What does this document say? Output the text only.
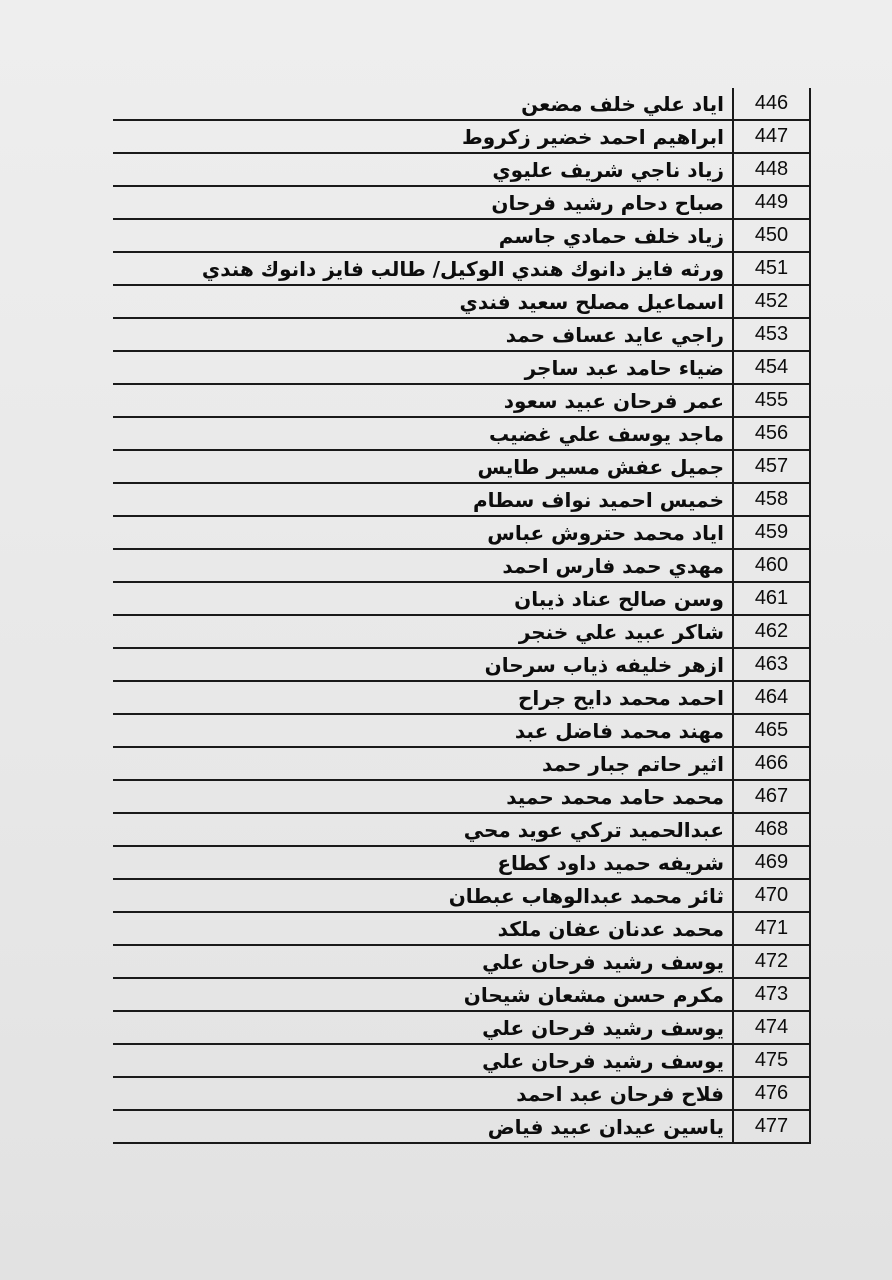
اياد علي خلف مضعن	446
ابراهيم احمد خضير زكروط	447
زياد ناجي شريف عليوي	448
صباح دحام رشيد فرحان	449
زياد خلف حمادي جاسم	450
ورثه فايز دانوك هندي الوكيل/ طالب فايز دانوك هندي	451
اسماعيل مصلح سعيد فندي	452
راجي عايد عساف حمد	453
ضياء حامد عبد ساجر	454
عمر فرحان عبيد سعود	455
ماجد يوسف علي غضيب	456
جميل عفش مسير طايس	457
خميس احميد نواف سطام	458
اياد محمد حتروش عباس	459
مهدي حمد فارس احمد	460
وسن صالح عناد ذيبان	461
شاكر عبيد علي خنجر	462
ازهر خليفه ذياب سرحان	463
احمد محمد دايح جراح	464
مهند محمد فاضل عبد	465
اثير حاتم جبار حمد	466
محمد حامد محمد حميد	467
عبدالحميد تركي عويد محي	468
شريفه حميد داود كطاع	469
ثائر محمد عبدالوهاب عبطان	470
محمد عدنان عفان ملكد	471
يوسف رشيد فرحان علي	472
مكرم حسن مشعان شيحان	473
يوسف رشيد فرحان علي	474
يوسف رشيد فرحان علي	475
فلاح فرحان عبد احمد	476
ياسين عيدان عبيد فياض	477
